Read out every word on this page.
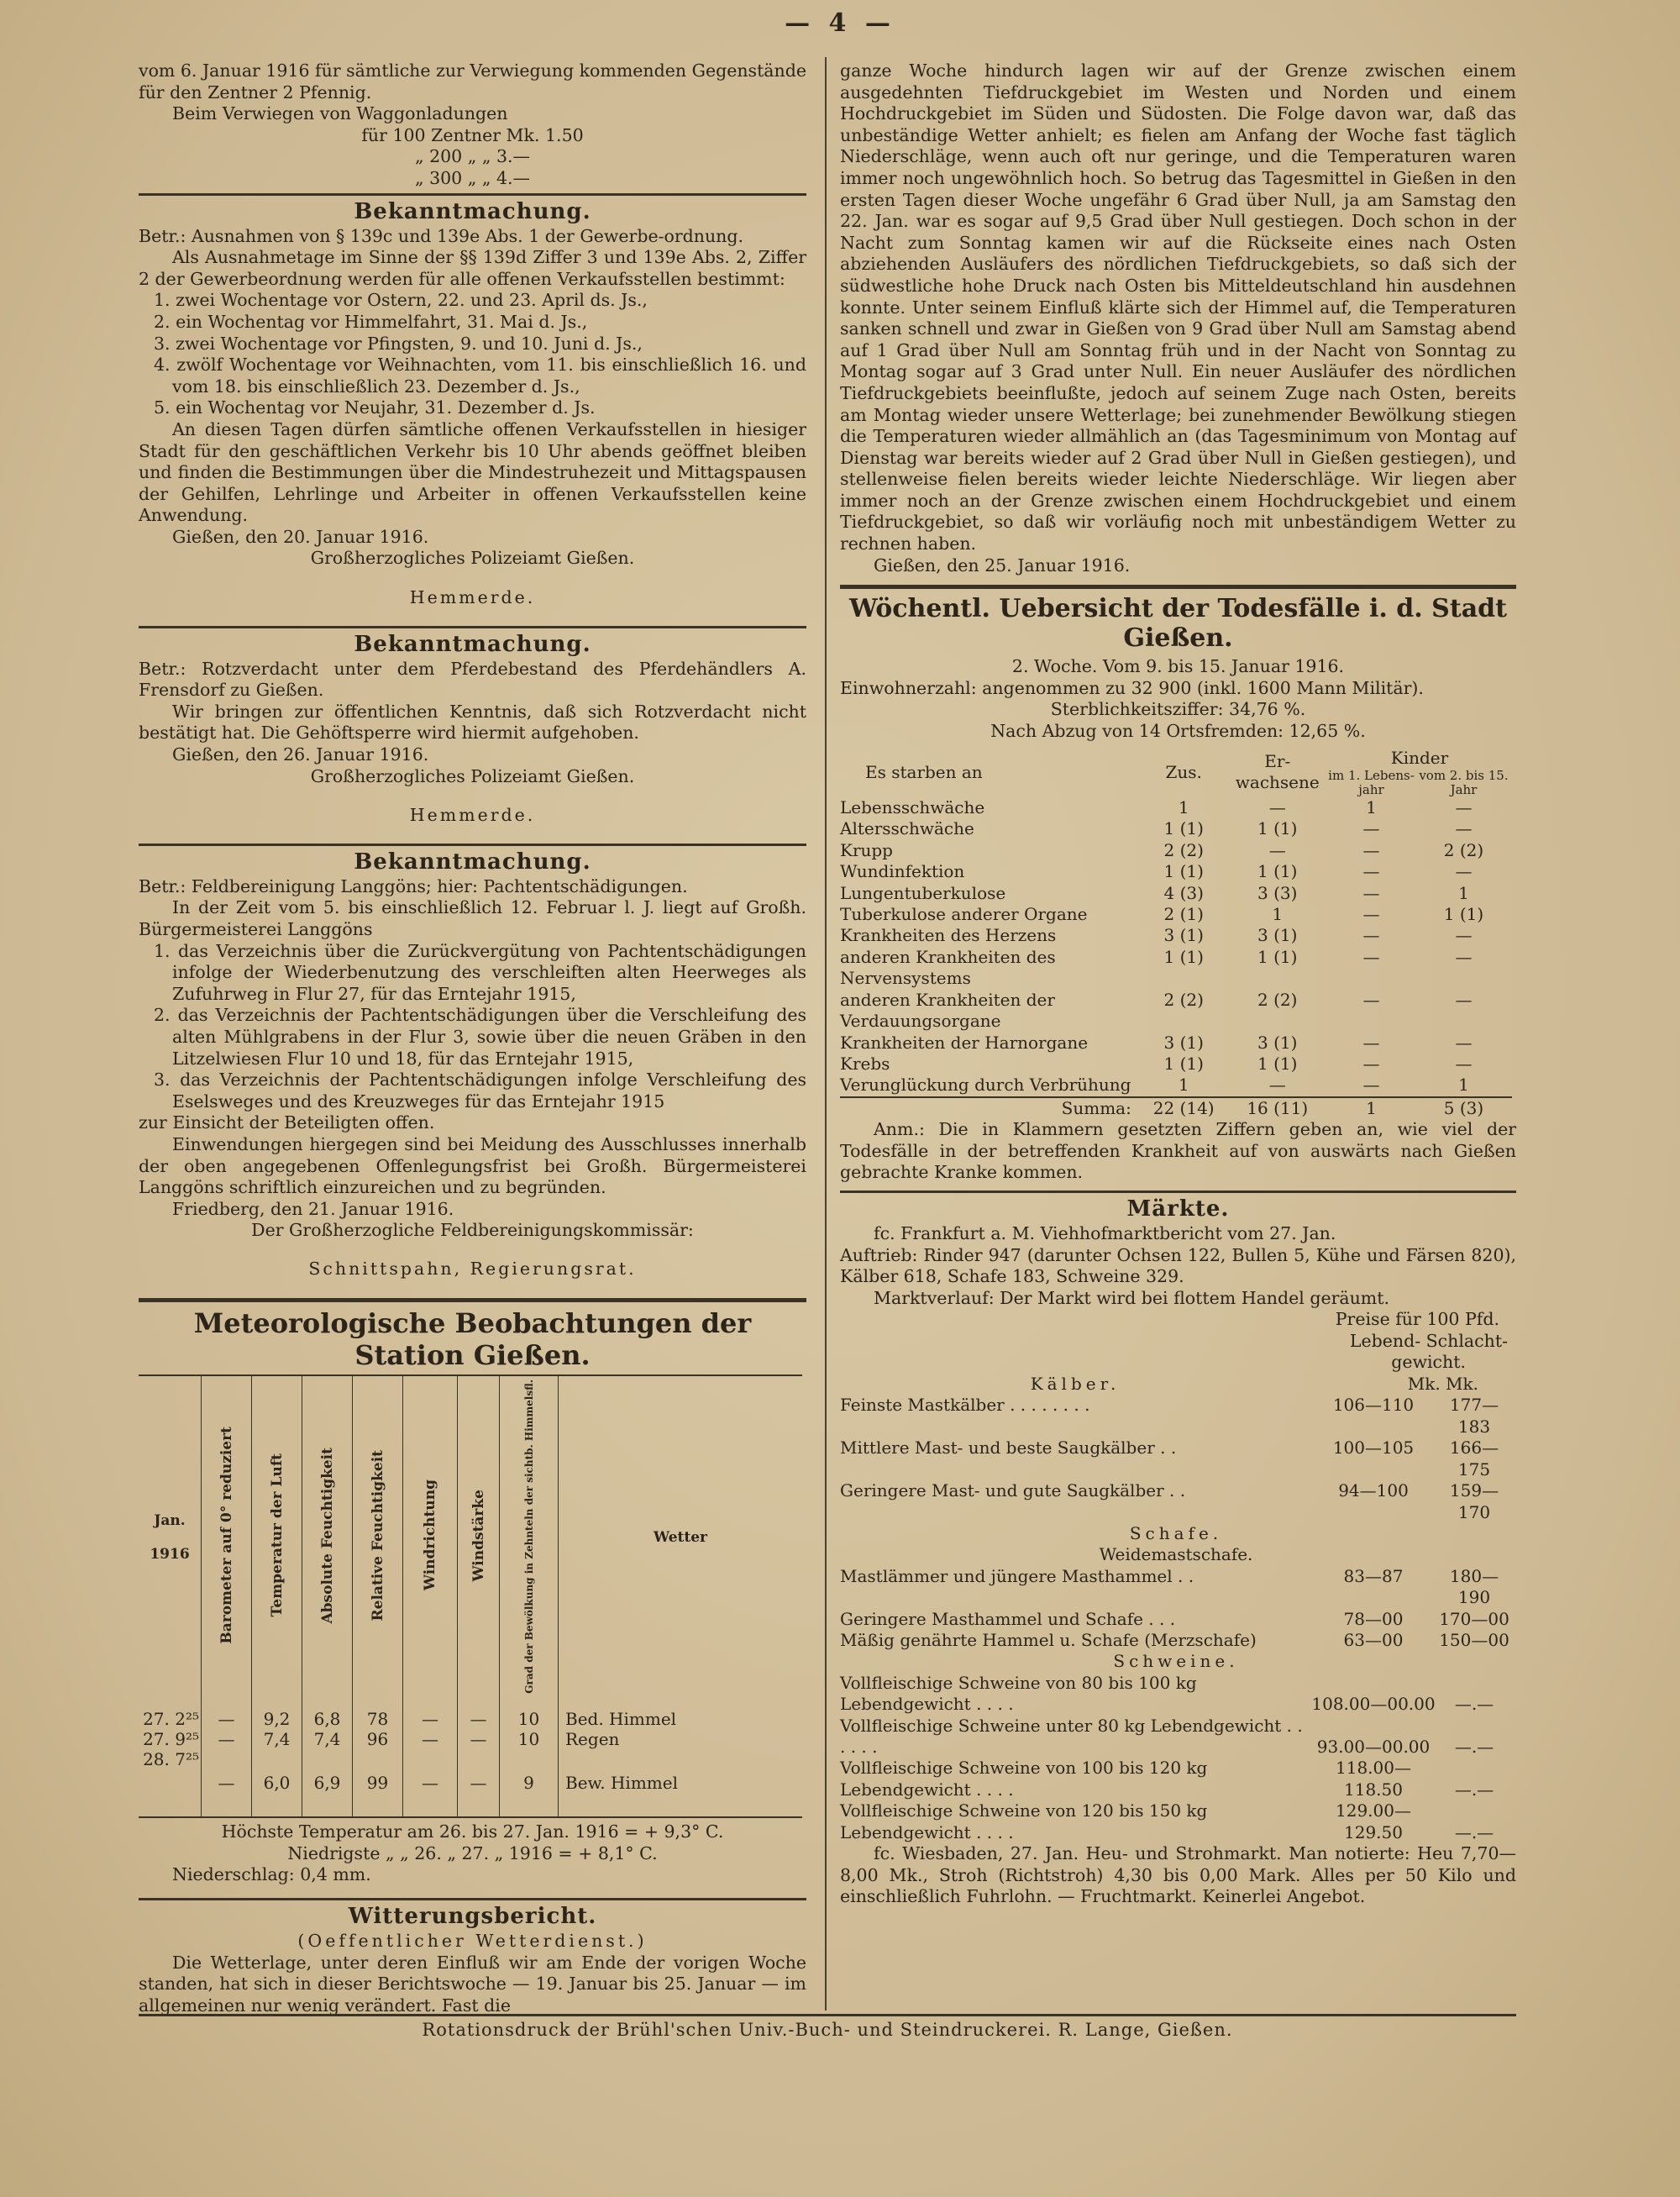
— 4 —

vom 6. Januar 1916 für sämtliche zur Verwiegung kommenden Gegenstände für den Zentner 2 Pfennig.

Beim Verwiegen von Waggonladungen

für 100 Zentner Mk. 1.50

„ 200 „ „ 3.—

„ 300 „ „ 4.—

Bekanntmachung.

Betr.: Ausnahmen von § 139c und 139e Abs. 1 der Gewerbe-ordnung.

Als Ausnahmetage im Sinne der §§ 139d Ziffer 3 und 139e Abs. 2, Ziffer 2 der Gewerbeordnung werden für alle offenen Verkaufsstellen bestimmt:

1. zwei Wochentage vor Ostern, 22. und 23. April ds. Js.,

2. ein Wochentag vor Himmelfahrt, 31. Mai d. Js.,

3. zwei Wochentage vor Pfingsten, 9. und 10. Juni d. Js.,

4. zwölf Wochentage vor Weihnachten, vom 11. bis einschließlich 16. und vom 18. bis einschließlich 23. Dezember d. Js.,

5. ein Wochentag vor Neujahr, 31. Dezember d. Js.

An diesen Tagen dürfen sämtliche offenen Verkaufsstellen in hiesiger Stadt für den geschäftlichen Verkehr bis 10 Uhr abends geöffnet bleiben und finden die Bestimmungen über die Mindestruhezeit und Mittagspausen der Gehilfen, Lehrlinge und Arbeiter in offenen Verkaufsstellen keine Anwendung.

Gießen, den 20. Januar 1916.

Großherzogliches Polizeiamt Gießen.

Hemmerde.

Bekanntmachung.

Betr.: Rotzverdacht unter dem Pferdebestand des Pferdehändlers A. Frensdorf zu Gießen.

Wir bringen zur öffentlichen Kenntnis, daß sich Rotzverdacht nicht bestätigt hat. Die Gehöftsperre wird hiermit aufgehoben.

Gießen, den 26. Januar 1916.

Großherzogliches Polizeiamt Gießen.

Hemmerde.

Bekanntmachung.

Betr.: Feldbereinigung Langgöns; hier: Pachtentschädigungen.

In der Zeit vom 5. bis einschließlich 12. Februar l. J. liegt auf Großh. Bürgermeisterei Langgöns

1. das Verzeichnis über die Zurückvergütung von Pachtentschädigungen infolge der Wiederbenutzung des verschleiften alten Heerweges als Zufuhrweg in Flur 27, für das Erntejahr 1915,

2. das Verzeichnis der Pachtentschädigungen über die Verschleifung des alten Mühlgrabens in der Flur 3, sowie über die neuen Gräben in den Litzelwiesen Flur 10 und 18, für das Erntejahr 1915,

3. das Verzeichnis der Pachtentschädigungen infolge Verschleifung des Eselsweges und des Kreuzweges für das Erntejahr 1915

zur Einsicht der Beteiligten offen.

Einwendungen hiergegen sind bei Meidung des Ausschlusses innerhalb der oben angegebenen Offenlegungsfrist bei Großh. Bürgermeisterei Langgöns schriftlich einzureichen und zu begründen.

Friedberg, den 21. Januar 1916.

Der Großherzogliche Feldbereinigungskommissär:

Schnittspahn, Regierungsrat.

Meteorologische Beobachtungen der Station Gießen.
Jan.

1916	Barometer auf 0° reduziert	Temperatur der Luft	Absolute Feuchtigkeit	Relative Feuchtigkeit	Windrichtung	Windstärke	Grad der Bewölkung in Zehnteln der sichtb. Himmelsfl.	Wetter
27. 2²⁵	—	9,2	6,8	78	—	—	10	Bed. Himmel
27. 9²⁵	—	7,4	7,4	96	—	—	10	Regen
28. 7²⁵	—	6,0	6,9	99	—	—	9	Bew. Himmel

Höchste Temperatur am 26. bis 27. Jan. 1916 = + 9,3° C.

Niedrigste „ „ 26. „ 27. „ 1916 = + 8,1° C.

Niederschlag: 0,4 mm.

Witterungsbericht.

(Oeffentlicher Wetterdienst.)

Die Wetterlage, unter deren Einfluß wir am Ende der vorigen Woche standen, hat sich in dieser Berichtswoche — 19. Januar bis 25. Januar — im allgemeinen nur wenig verändert. Fast die

ganze Woche hindurch lagen wir auf der Grenze zwischen einem ausgedehnten Tiefdruckgebiet im Westen und Norden und einem Hochdruckgebiet im Süden und Südosten. Die Folge davon war, daß das unbeständige Wetter anhielt; es fielen am Anfang der Woche fast täglich Niederschläge, wenn auch oft nur geringe, und die Temperaturen waren immer noch ungewöhnlich hoch. So betrug das Tagesmittel in Gießen in den ersten Tagen dieser Woche ungefähr 6 Grad über Null, ja am Samstag den 22. Jan. war es sogar auf 9,5 Grad über Null gestiegen. Doch schon in der Nacht zum Sonntag kamen wir auf die Rückseite eines nach Osten abziehenden Ausläufers des nördlichen Tiefdruckgebiets, so daß sich der südwestliche hohe Druck nach Osten bis Mitteldeutschland hin ausdehnen konnte. Unter seinem Einfluß klärte sich der Himmel auf, die Temperaturen sanken schnell und zwar in Gießen von 9 Grad über Null am Samstag abend auf 1 Grad über Null am Sonntag früh und in der Nacht von Sonntag zu Montag sogar auf 3 Grad unter Null. Ein neuer Ausläufer des nördlichen Tiefdruckgebiets beeinflußte, jedoch auf seinem Zuge nach Osten, bereits am Montag wieder unsere Wetterlage; bei zunehmender Bewölkung stiegen die Temperaturen wieder allmählich an (das Tagesminimum von Montag auf Dienstag war bereits wieder auf 2 Grad über Null in Gießen gestiegen), und stellenweise fielen bereits wieder leichte Niederschläge. Wir liegen aber immer noch an der Grenze zwischen einem Hochdruckgebiet und einem Tiefdruckgebiet, so daß wir vorläufig noch mit unbeständigem Wetter zu rechnen haben.

Gießen, den 25. Januar 1916.

Wöchentl. Uebersicht der Todesfälle i. d. Stadt Gießen.

2. Woche. Vom 9. bis 15. Januar 1916.

Einwohnerzahl: angenommen zu 32 900 (inkl. 1600 Mann Militär).

Sterblichkeitsziffer: 34,76 %.

Nach Abzug von 14 Ortsfremden: 12,65 %.

Es starben an	Zus.	Er-wachsene	Kinder
im 1. Lebens-jahr
vom 2. bis 15. Jahr	

Lebensschwäche	1	—	1	—
Altersschwäche	1 (1)	1 (1)	—	—
Krupp	2 (2)	—	—	2 (2)
Wundinfektion	1 (1)	1 (1)	—	—
Lungentuberkulose	4 (3)	3 (3)	—	1
Tuberkulose anderer Organe	2 (1)	1	—	1 (1)
Krankheiten des Herzens	3 (1)	3 (1)	—	—
anderen Krankheiten des Nervensystems	1 (1)	1 (1)	—	—
anderen Krankheiten der Verdauungsorgane	2 (2)	2 (2)	—	—
Krankheiten der Harnorgane	3 (1)	3 (1)	—	—
Krebs	1 (1)	1 (1)	—	—
Verunglückung durch Verbrühung	1	—	—	1
Summa:	22 (14)	16 (11)	1	5 (3)

Anm.: Die in Klammern gesetzten Ziffern geben an, wie viel der Todesfälle in der betreffenden Krankheit auf von auswärts nach Gießen gebrachte Kranke kommen.

Märkte.

fc. Frankfurt a. M. Viehhofmarktbericht vom 27. Jan.

Auftrieb: Rinder 947 (darunter Ochsen 122, Bullen 5, Kühe und Färsen 820), Kälber 618, Schafe 183, Schweine 329.

Marktverlauf: Der Markt wird bei flottem Handel geräumt.

Preise für 100 Pfd.

Lebend- Schlacht-

gewicht.

Kälber.	Mk. Mk.	
Feinste Mastkälber . . . . . . . .	106—110	177—183
Mittlere Mast- und beste Saugkälber . .	100—105	166—175
Geringere Mast- und gute Saugkälber . .	94—100	159—170
Schafe.		
Weidemastschafe.		
Mastlämmer und jüngere Masthammel . .	83—87	180—190
Geringere Masthammel und Schafe . . .	78—00	170—00
Mäßig genährte Hammel u. Schafe (Merzschafe)	63—00	150—00
Schweine.		
Vollfleischige Schweine von 80 bis 100 kg Lebendgewicht . . . .	108.00—00.00	—.—
Vollfleischige Schweine unter 80 kg Lebendgewicht . . . . . .	93.00—00.00	—.—
Vollfleischige Schweine von 100 bis 120 kg Lebendgewicht . . . .	118.00—118.50	—.—
Vollfleischige Schweine von 120 bis 150 kg Lebendgewicht . . . .	129.00—129.50	—.—

fc. Wiesbaden, 27. Jan. Heu- und Strohmarkt. Man notierte: Heu 7,70—8,00 Mk., Stroh (Richtstroh) 4,30 bis 0,00 Mark. Alles per 50 Kilo und einschließlich Fuhrlohn. — Fruchtmarkt. Keinerlei Angebot.

Rotationsdruck der Brühl'schen Univ.-Buch- und Steindruckerei. R. Lange, Gießen.
